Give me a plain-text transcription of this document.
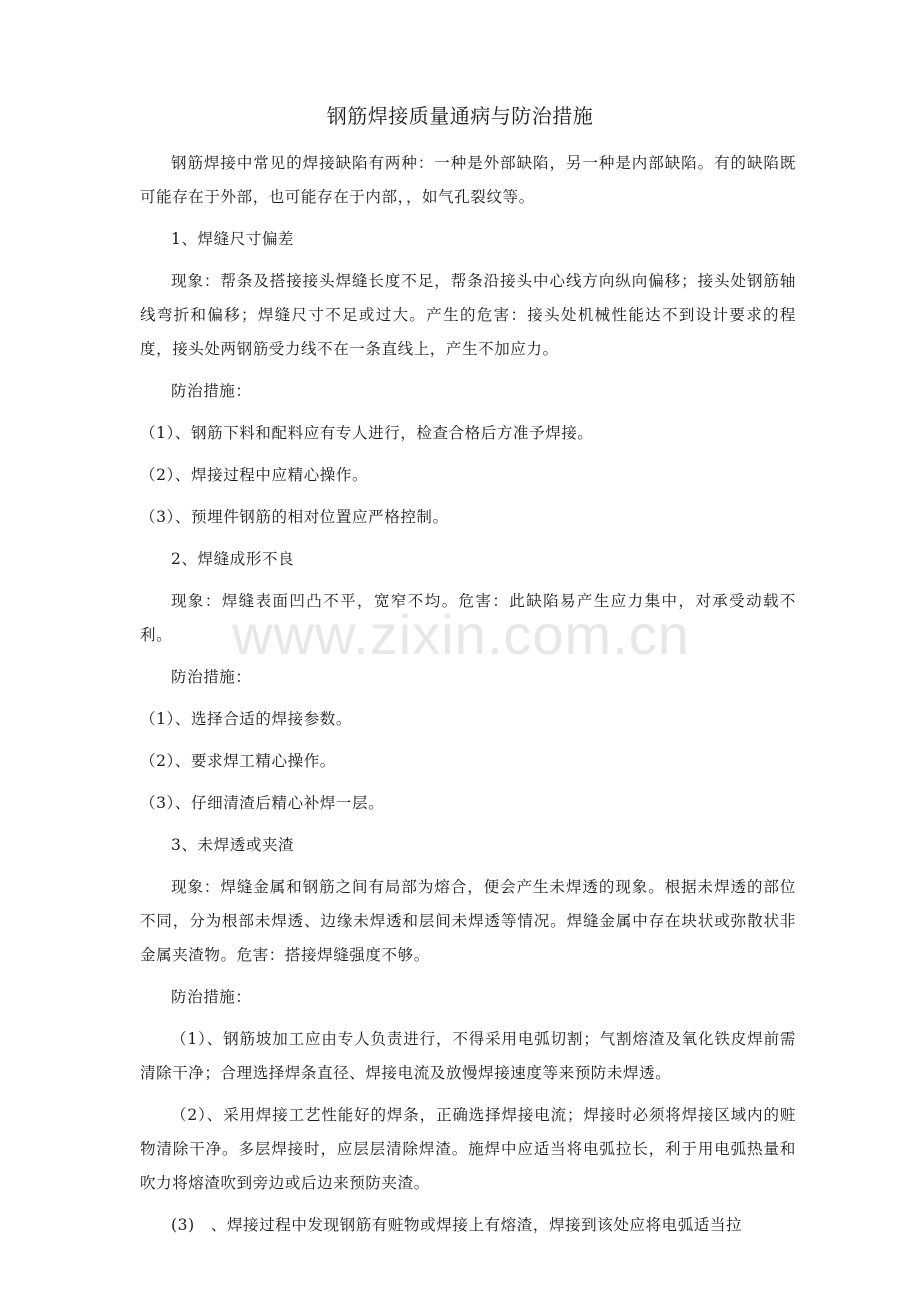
钢筋焊接质量通病与防治措施

钢筋焊接中常见的焊接缺陷有两种：一种是外部缺陷，另一种是内部缺陷。有的缺陷既可能存在于外部，也可能存在于内部，，如气孔裂纹等。

1、焊缝尺寸偏差

现象：帮条及搭接接头焊缝长度不足，帮条沿接头中心线方向纵向偏移；接头处钢筋轴线弯折和偏移；焊缝尺寸不足或过大。产生的危害：接头处机械性能达不到设计要求的程度，接头处两钢筋受力线不在一条直线上，产生不加应力。

防治措施：

（1）、钢筋下料和配料应有专人进行，检查合格后方准予焊接。

（2）、焊接过程中应精心操作。

（3）、预埋件钢筋的相对位置应严格控制。

2、焊缝成形不良

现象：焊缝表面凹凸不平，宽窄不均。危害：此缺陷易产生应力集中，对承受动载不利。

防治措施：

（1）、选择合适的焊接参数。

（2）、要求焊工精心操作。

（3）、仔细清渣后精心补焊一层。

3、未焊透或夹渣

现象：焊缝金属和钢筋之间有局部为熔合，便会产生未焊透的现象。根据未焊透的部位不同，分为根部未焊透、边缘未焊透和层间未焊透等情况。焊缝金属中存在块状或弥散状非金属夹渣物。危害：搭接焊缝强度不够。

防治措施：

（1）、钢筋坡加工应由专人负责进行，不得采用电弧切割；气割熔渣及氧化铁皮焊前需清除干净；合理选择焊条直径、焊接电流及放慢焊接速度等来预防未焊透。

（2）、采用焊接工艺性能好的焊条，正确选择焊接电流；焊接时必须将焊接区域内的赃物清除干净。多层焊接时，应层层清除焊渣。施焊中应适当将电弧拉长，利于用电弧热量和吹力将熔渣吹到旁边或后边来预防夹渣。

(3)　、焊接过程中发现钢筋有赃物或焊接上有熔渣，焊接到该处应将电弧适当拉

www.zixin.com.cn
